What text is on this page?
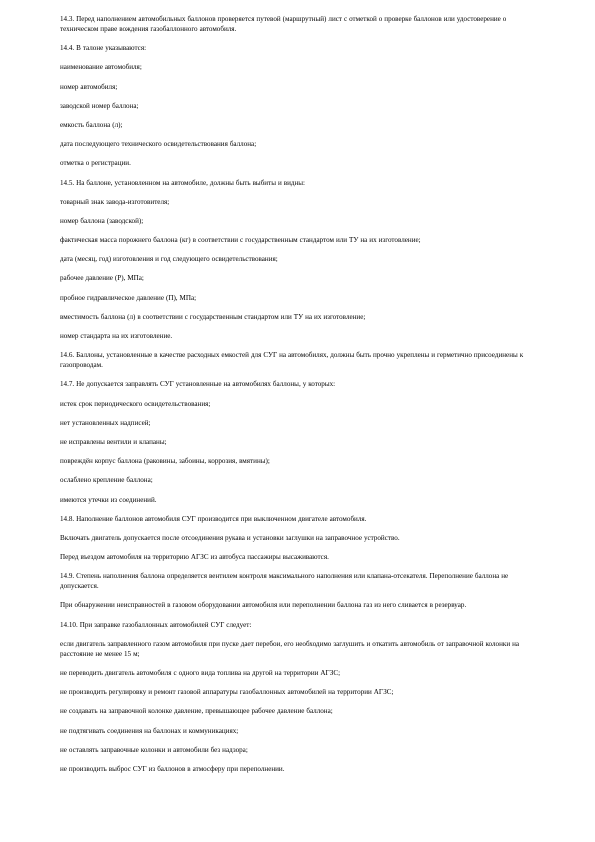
14.3. Перед наполнением автомобильных баллонов проверяется путевой (маршрутный) лист с отметкой о проверке баллонов или удостоверение о техническом праве вождения газобаллонного автомобиля.

14.4. В талоне указываются:

наименование автомобиля;

номер автомобиля;

заводской номер баллона;

емкость баллона (л);

дата последующего технического освидетельствования баллона;

отметка о регистрации.

14.5. На баллоне, установленном на автомобиле, должны быть выбиты и видны:

товарный знак завода-изготовителя;

номер баллона (заводской);

фактическая масса порожнего баллона (кг) в соответствии с государственным стандартом или ТУ на их изготовление;

дата (месяц, год) изготовления и год следующего освидетельствования;

рабочее давление (Р), МПа;

пробное гидравлическое давление (П), МПа;

вместимость баллона (л) в соответствии с государственным стандартом или ТУ на их изготовление;

номер стандарта на их изготовление.

14.6. Баллоны, установленные в качестве расходных емкостей для СУГ на автомобилях, должны быть прочно укреплены и герметично присоединены к газопроводам.

14.7. Не допускается заправлять СУГ установленные на автомобилях баллоны, у которых:

истек срок периодического освидетельствования;

нет установленных надписей;

не исправлены вентили и клапаны;

повреждён корпус баллона (раковины, забоины, коррозия, вмятины);

ослаблено крепление баллона;

имеются утечки из соединений.

14.8. Наполнение баллонов автомобиля СУГ производится при выключенном двигателе автомобиля.

Включать двигатель допускается после отсоединения рукава и установки заглушки на заправочное устройство.

Перед въездом автомобиля на территорию АГЗС из автобуса пассажиры высаживаются.

14.9. Степень наполнения баллона определяется вентилем контроля максимального наполнения или клапана-отсекателя. Переполнение баллона не допускается.

При обнаружении неисправностей в газовом оборудовании автомобиля или переполнении баллона газ из него сливается в резервуар.

14.10. При заправке газобаллонных автомобилей СУГ следует:

если двигатель заправленного газом автомобиля при пуске дает перебои, его необходимо заглушить и откатить автомобиль от заправочной колонки на расстояние не менее 15 м;

не переводить двигатель автомобиля с одного вида топлива на другой на территории АГЗС;

не производить регулировку и ремонт газовой аппаратуры газобаллонных автомобилей на территории АГЗС;

не создавать на заправочной колонке давление, превышающее рабочее давление баллона;

не подтягивать соединения на баллонах и коммуникациях;

не оставлять заправочные колонки и автомобили без надзора;

не производить выброс СУГ из баллонов в атмосферу при переполнении.
